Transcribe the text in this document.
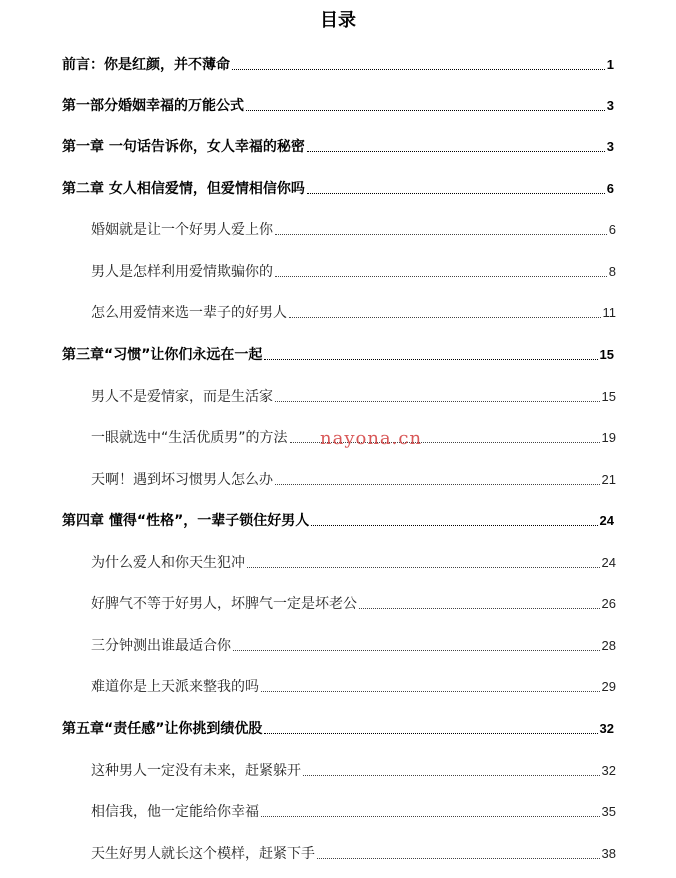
目录
前言：你是红颜，并不薄命	1
第一部分婚姻幸福的万能公式	3
第一章 一句话告诉你，女人幸福的秘密	3
第二章 女人相信爱情，但爱情相信你吗	6
婚姻就是让一个好男人爱上你	6
男人是怎样利用爱情欺骗你的	8
怎么用爱情来选一辈子的好男人	11
第三章“习惯”让你们永远在一起	15
男人不是爱情家，而是生活家	15
一眼就选中“生活优质男”的方法	19
天啊！遇到坏习惯男人怎么办	21
第四章 懂得“性格”，一辈子锁住好男人	24
为什么爱人和你天生犯冲	24
好脾气不等于好男人，坏脾气一定是坏老公	26
三分钟测出谁最适合你	28
难道你是上天派来整我的吗	29
第五章“责任感”让你挑到绩优股	32
这种男人一定没有未来，赶紧躲开	32
相信我，他一定能给你幸福	35
天生好男人就长这个模样，赶紧下手	38
nayona.cn
